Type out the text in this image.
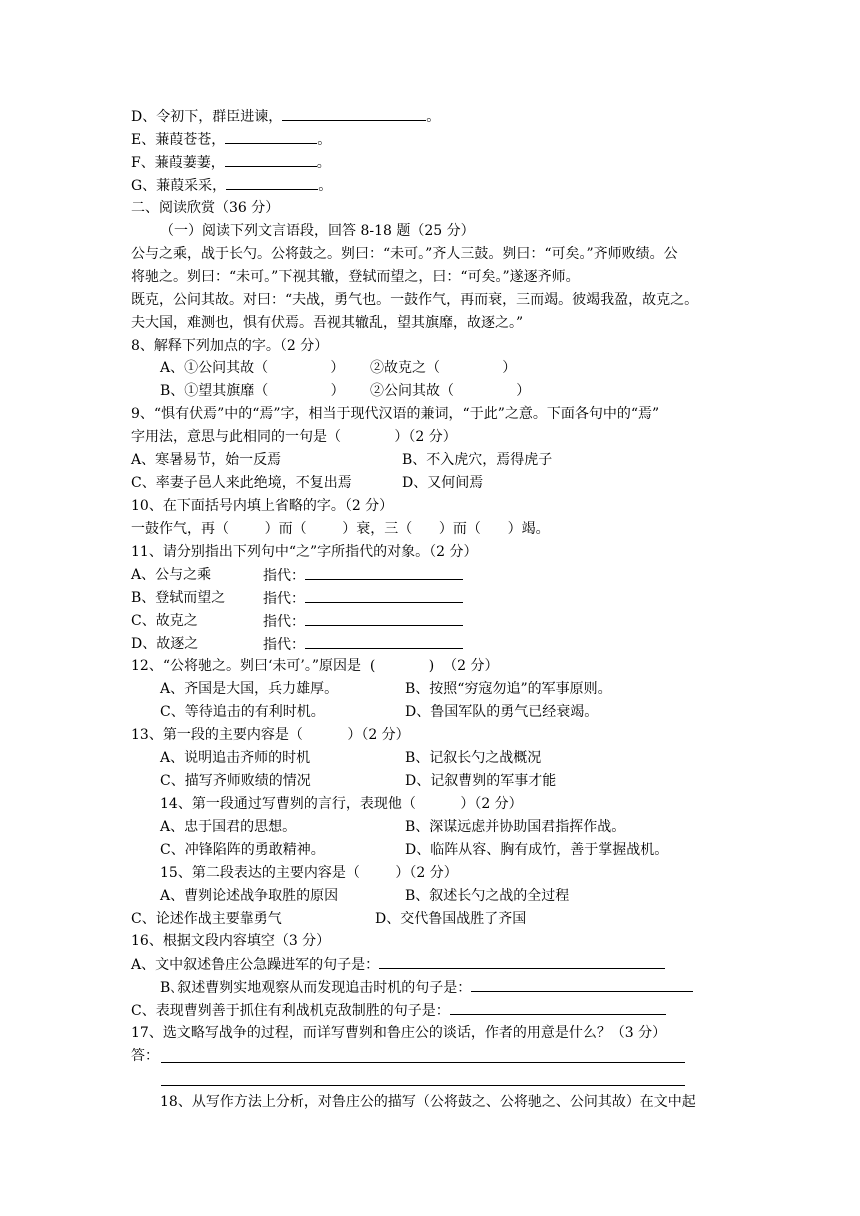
D、令初下，群臣进谏，	。
E、蒹葭苍苍，	。
F、蒹葭萋萋，	。
G、蒹葭采采，	。
二、阅读欣赏（36 分）
（一）阅读下列文言语段，回答 8-18 题（25 分）
公与之乘，战于长勺。公将鼓之。刿曰：“未可。”齐人三鼓。刿曰：“可矣。”齐师败绩。公
将驰之。刿曰：“未可。”下视其辙，登轼而望之，曰：“可矣。”遂逐齐师。
既克，公问其故。对曰：“夫战，勇气也。一鼓作气，再而衰，三而竭。彼竭我盈，故克之。
夫大国，难测也，惧有伏焉。吾视其辙乱，望其旗靡，故逐之。”
8、解释下列加点的字。（2 分）
A、①公问其故（              ） ②故克之（              ）
B、①望其旗靡（              ） ②公问其故（              ）
9、“惧有伏焉”中的“焉”字，相当于现代汉语的兼词，“于此”之意。下面各句中的“焉”
字用法，意思与此相同的一句是（            ）（2 分）
A、寒暑易节，始一反焉	B、不入虎穴，焉得虎子
C、率妻子邑人来此绝境，不复出焉	D、又何间焉
10、在下面括号内填上省略的字。（2 分）
一鼓作气，再（        ）而（        ）衰，三（      ）而（      ）竭。
11、请分别指出下列句中“之”字所指代的对象。（2 分）
A、公与之乘	指代：
B、登轼而望之	指代：
C、故克之	指代：
D、故逐之	指代：
12、“公将驰之。刿曰‘未可’。”原因是  (            )  （2 分）
A、齐国是大国，兵力雄厚。	B、按照“穷寇勿追”的军事原则。
C、等待追击的有利时机。	D、鲁国军队的勇气已经衰竭。
13、第一段的主要内容是（          ）（2 分）
A、说明追击齐师的时机	B、记叙长勺之战概况
C、描写齐师败绩的情况	D、记叙曹刿的军事才能
14、第一段通过写曹刿的言行，表现他（          ）（2 分）
A、忠于国君的思想。	B、深谋远虑并协助国君指挥作战。
C、冲锋陷阵的勇敢精神。	D、临阵从容、胸有成竹，善于掌握战机。
15、第二段表达的主要内容是（        ）（2 分）
A、曹刿论述战争取胜的原因	B、叙述长勺之战的全过程
C、论述作战主要靠勇气	D、交代鲁国战胜了齐国
16、根据文段内容填空（3 分）
A、文中叙述鲁庄公急躁进军的句子是：
B､叙述曹刿实地观察从而发现追击时机的句子是：
C、表现曹刿善于抓住有利战机克敌制胜的句子是：
17、选文略写战争的过程，而详写曹刿和鲁庄公的谈话，作者的用意是什么？（3 分）
答：
18、从写作方法上分析，对鲁庄公的描写（公将鼓之、公将驰之、公问其故）在文中起
